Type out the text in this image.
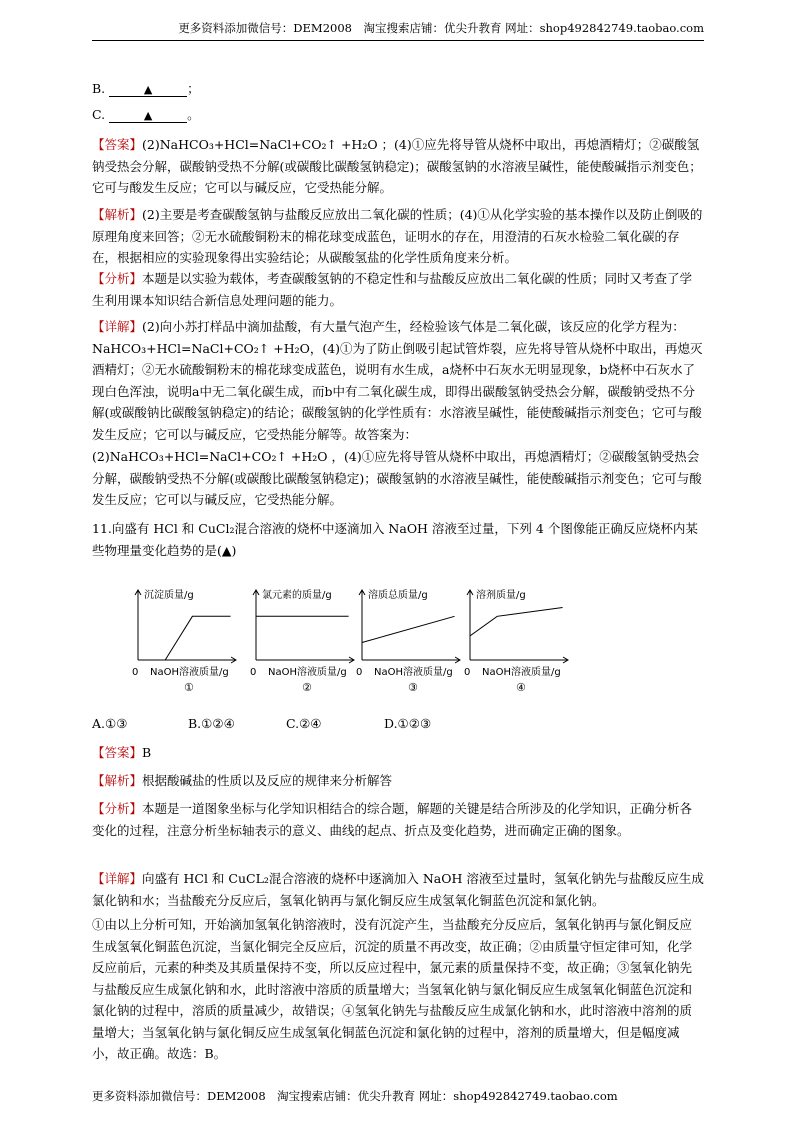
更多资料添加微信号：DEM2008　淘宝搜索店铺：优尖升教育 网址：shop492842749.taobao.com
B.	▲	；
C.	▲	。

【答案】(2)NaHCO₃+HCl=NaCl+CO₂↑ +H₂O ；(4)①应先将导管从烧杯中取出，再熄酒精灯；②碳酸氢钠受热会分解，碳酸钠受热不分解(或碳酸比碳酸氢钠稳定)；碳酸氢钠的水溶液呈碱性，能使酸碱指示剂变色；它可与酸发生反应；它可以与碱反应，它受热能分解。

【解析】(2)主要是考查碳酸氢钠与盐酸反应放出二氧化碳的性质；(4)①从化学实验的基本操作以及防止倒吸的原理角度来回答；②无水硫酸铜粉末的棉花球变成蓝色，证明水的存在，用澄清的石灰水检验二氧化碳的存在，根据相应的实验现象得出实验结论；从碳酸氢盐的化学性质角度来分析。

【分析】本题是以实验为载体，考查碳酸氢钠的不稳定性和与盐酸反应放出二氧化碳的性质；同时又考查了学生利用课本知识结合新信息处理问题的能力。

【详解】(2)向小苏打样品中滴加盐酸，有大量气泡产生，经检验该气体是二氧化碳，该反应的化学方程为：NaHCO₃+HCl=NaCl+CO₂↑ +H₂O，(4)①为了防止倒吸引起试管炸裂，应先将导管从烧杯中取出，再熄灭酒精灯；②无水硫酸铜粉末的棉花球变成蓝色，说明有水生成，a烧杯中石灰水无明显现象，b烧杯中石灰水了现白色浑浊，说明a中无二氧化碳生成，而b中有二氧化碳生成，即得出碳酸氢钠受热会分解，碳酸钠受热不分解(或碳酸钠比碳酸氢钠稳定)的结论；碳酸氢钠的化学性质有：水溶液呈碱性，能使酸碱指示剂变色；它可与酸发生反应；它可以与碱反应，它受热能分解等。故答案为：

(2)NaHCO₃+HCl=NaCl+CO₂↑ +H₂O ，(4)①应先将导管从烧杯中取出，再熄酒精灯；②碳酸氢钠受热会分解，碳酸钠受热不分解(或碳酸比碳酸氢钠稳定)；碳酸氢钠的水溶液呈碱性，能使酸碱指示剂变色；它可与酸发生反应；它可以与碱反应，它受热能分解。

11.向盛有 HCl 和 CuCl₂混合溶液的烧杯中逐滴加入 NaOH 溶液至过量，下列 4 个图像能正确反应烧杯内某些物理量变化趋势的是(▲)

沉淀质量/g
0 NaOH溶液质量/g
①
氯元素的质量/g
0 NaOH溶液质量/g
②
溶质总质量/g
0 NaOH溶液质量/g
③
溶剂质量/g
0 NaOH溶液质量/g
④
A.①③	B.①②④	C.②④	D.①②③

【答案】B

【解析】根据酸碱盐的性质以及反应的规律来分析解答

【分析】本题是一道图象坐标与化学知识相结合的综合题，解题的关键是结合所涉及的化学知识，正确分析各变化的过程，注意分析坐标轴表示的意义、曲线的起点、折点及变化趋势，进而确定正确的图象。

【详解】向盛有 HCl 和 CuCL₂混合溶液的烧杯中逐滴加入 NaOH 溶液至过量时，氢氧化钠先与盐酸反应生成氯化钠和水；当盐酸充分反应后，氢氧化钠再与氯化铜反应生成氢氧化铜蓝色沉淀和氯化钠。

①由以上分析可知，开始滴加氢氧化钠溶液时，没有沉淀产生，当盐酸充分反应后，氢氧化钠再与氯化铜反应生成氢氧化铜蓝色沉淀，当氯化铜完全反应后，沉淀的质量不再改变，故正确；②由质量守恒定律可知，化学反应前后，元素的种类及其质量保持不变，所以反应过程中，氯元素的质量保持不变，故正确；③氢氧化钠先与盐酸反应生成氯化钠和水，此时溶液中溶质的质量增大；当氢氧化钠与氯化铜反应生成氢氧化铜蓝色沉淀和氯化钠的过程中，溶质的质量减少，故错误；④氢氧化钠先与盐酸反应生成氯化钠和水，此时溶液中溶剂的质量增大；当氢氧化钠与氯化铜反应生成氢氧化铜蓝色沉淀和氯化钠的过程中，溶剂的质量增大，但是幅度减小，故正确。故选：B。

更多资料添加微信号：DEM2008　淘宝搜索店铺：优尖升教育 网址：shop492842749.taobao.com
